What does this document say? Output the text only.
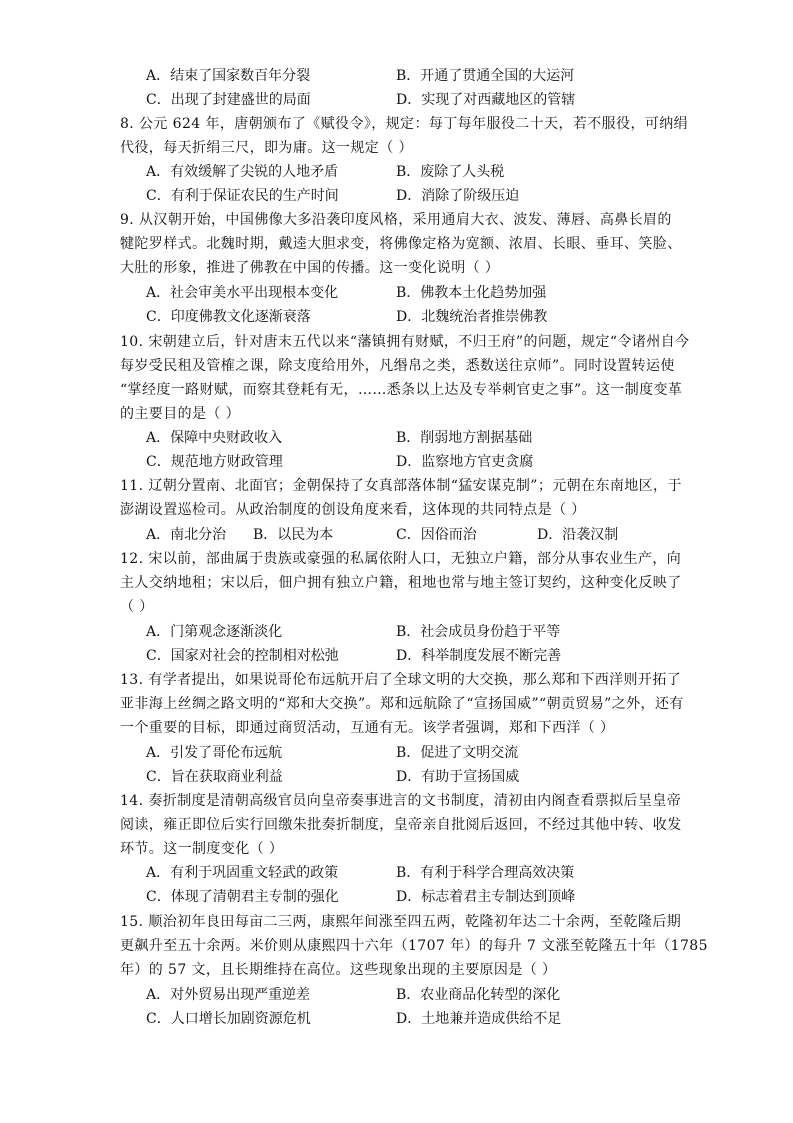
A．结束了国家数百年分裂	B．开通了贯通全国的大运河
C．出现了封建盛世的局面	D．实现了对西藏地区的管辖
8. 公元 624 年，唐朝颁布了《赋役令》，规定：每丁每年服役二十天，若不服役，可纳绢
代役，每天折绢三尺，即为庸。这一规定（ ）
A．有效缓解了尖锐的人地矛盾	B．废除了人头税
C．有利于保证农民的生产时间	D．消除了阶级压迫
9. 从汉朝开始，中国佛像大多沿袭印度风格，采用通肩大衣、波发、薄唇、高鼻长眉的
犍陀罗样式。北魏时期，戴逵大胆求变，将佛像定格为宽额、浓眉、长眼、垂耳、笑脸、
大肚的形象，推进了佛教在中国的传播。这一变化说明（ ）
A．社会审美水平出现根本变化	B．佛教本土化趋势加强
C．印度佛教文化逐渐衰落	D．北魏统治者推崇佛教
10. 宋朝建立后，针对唐末五代以来“藩镇拥有财赋，不归王府”的问题，规定“令诸州自今
每岁受民租及管榷之课，除支度给用外，凡缗帛之类，悉数送往京师”。同时设置转运使
“掌经度一路财赋，而察其登耗有无，……悉条以上达及专举刺官吏之事”。这一制度变革
的主要目的是（ ）
A．保障中央财政收入	B．削弱地方割据基础
C．规范地方财政管理	D．监察地方官吏贪腐
11. 辽朝分置南、北面官；金朝保持了女真部落体制“猛安谋克制”；元朝在东南地区，于
澎湖设置巡检司。从政治制度的创设角度来看，这体现的共同特点是（ ）
A．南北分治 B．以民为本	C．因俗而治	D．沿袭汉制
12. 宋以前，部曲属于贵族或豪强的私属依附人口，无独立户籍，部分从事农业生产，向
主人交纳地租；宋以后，佃户拥有独立户籍，租地也常与地主签订契约，这种变化反映了
（ ）
A．门第观念逐渐淡化	B．社会成员身份趋于平等
C．国家对社会的控制相对松弛	D．科举制度发展不断完善
13. 有学者提出，如果说哥伦布远航开启了全球文明的大交换，那么郑和下西洋则开拓了
亚非海上丝绸之路文明的“郑和大交换”。郑和远航除了“宣扬国威”“朝贡贸易”之外，还有
一个重要的目标，即通过商贸活动，互通有无。该学者强调，郑和下西洋（ ）
A．引发了哥伦布远航	B．促进了文明交流
C．旨在获取商业利益	D．有助于宣扬国威
14. 奏折制度是清朝高级官员向皇帝奏事进言的文书制度，清初由内阁查看票拟后呈皇帝
阅读，雍正即位后实行回缴朱批奏折制度，皇帝亲自批阅后返回，不经过其他中转、收发
环节。这一制度变化（ ）
A．有利于巩固重文轻武的政策	B．有利于科学合理高效决策
C．体现了清朝君主专制的强化	D．标志着君主专制达到顶峰
15. 顺治初年良田每亩二三两，康熙年间涨至四五两，乾隆初年达二十余两，至乾隆后期
更飙升至五十余两。米价则从康熙四十六年（1707 年）的每升 7 文涨至乾隆五十年（1785
年）的 57 文，且长期维持在高位。这些现象出现的主要原因是（ ）
A．对外贸易出现严重逆差	B．农业商品化转型的深化
C．人口增长加剧资源危机	D．土地兼并造成供给不足
